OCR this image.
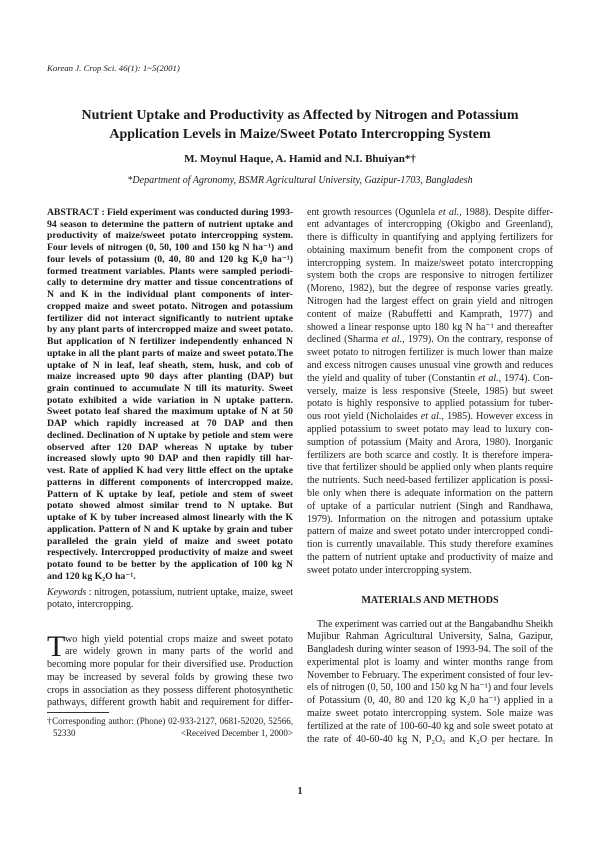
Korean J. Crop Sci. 46(1): 1~5(2001)
Nutrient Uptake and Productivity as Affected by Nitrogen and Potassium
Application Levels in Maize/Sweet Potato Intercropping System
M. Moynul Haque, A. Hamid and N.I. Bhuiyan*†
*Department of Agronomy, BSMR Agricultural University, Gazipur-1703, Bangladesh
ABSTRACT : Field experiment was conducted during 1993-
94 season to determine the pattern of nutrient uptake and
productivity of maize/sweet potato intercropping system.
Four levels of nitrogen (0, 50, 100 and 150 kg N ha⁻¹) and
four levels of potassium (0, 40, 80 and 120 kg K₂0 ha⁻¹)
formed treatment variables. Plants were sampled periodi-
cally to determine dry matter and tissue concentrations of
N and K in the individual plant components of inter-
cropped maize and sweet potato. Nitrogen and potassium
fertilizer did not interact significantly to nutrient uptake
by any plant parts of intercropped maize and sweet potato.
But application of N fertilizer independently enhanced N
uptake in all the plant parts of maize and sweet potato.The
uptake of N in leaf, leaf sheath, stem, husk, and cob of
maize increased upto 90 days after planting (DAP) but
grain continued to accumulate N till its maturity. Sweet
potato exhibited a wide variation in N uptake pattern.
Sweet potato leaf shared the maximum uptake of N at 50
DAP which rapidly increased at 70 DAP and then
declined. Declination of N uptake by petiole and stem were
observed after 120 DAP whereas N uptake by tuber
increased slowly upto 90 DAP and then rapidly till har-
vest. Rate of applied K had very little effect on the uptake
patterns in different components of intercropped maize.
Pattern of K uptake by leaf, petiole and stem of sweet
potato showed almost similar trend to N uptake. But
uptake of K by tuber increased almost linearly with the K
application. Pattern of N and K uptake by grain and tuber
paralleled the grain yield of maize and sweet potato
respectively. Intercropped productivity of maize and sweet
potato found to be better by the application of 100 kg N
and 120 kg K₂O ha⁻¹.
Keywords : nitrogen, potassium, nutrient uptake, maize, sweet
potato, intercropping.
T wo high yield potential crops maize and sweet potato
are widely grown in many parts of the world and
becoming more popular for their diversified use. Production
may be increased by several folds by growing these two
crops in association as they possess different photosynthetic
pathways, different growth habit and requirement for differ-
†Corresponding author: (Phone) 02-933-2127, 0681-52020, 52566,
52330	<Received December 1, 2000>
ent growth resources (Ogunlela et al., 1988). Despite differ-
ent advantages of intercropping (Okigbo and Greenland),
there is difficulty in quantifying and applying fertilizers for
obtaining maximum benefit from the component crops of
intercropping system. In maize/sweet potato intercropping
system both the crops are responsive to nitrogen fertilizer
(Moreno, 1982), but the degree of response varies greatly.
Nitrogen had the largest effect on grain yield and nitrogen
content of maize (Rabuffetti and Kamprath, 1977) and
showed a linear response upto 180 kg N ha⁻¹ and thereafter
declined (Sharma et al., 1979). On the contrary, response of
sweet potato to nitrogen fertilizer is much lower than maize
and excess nitrogen causes unusual vine growth and reduces
the yield and quality of tuber (Constantin et al., 1974). Con-
versely, maize is less responsive (Steele, 1985) but sweet
potato is highly responsive to applied potassium for tuber-
ous root yield (Nicholaides et al., 1985). However excess in
applied potassium to sweet potato may lead to luxury con-
sumption of potassium (Maity and Arora, 1980). Inorganic
fertilizers are both scarce and costly. It is therefore impera-
tive that fertilizer should be applied only when plants require
the nutrients. Such need-based fertilizer application is possi-
ble only when there is adequate information on the pattern
of uptake of a particular nutrient (Singh and Randhawa,
1979). Information on the nitrogen and potassium uptake
pattern of maize and sweet potato under intercropped condi-
tion is currently unavailable. This study therefore examines
the pattern of nutrient uptake and productivity of maize and
sweet potato under intercropping system.
MATERIALS AND METHODS
The experiment was carried out at the Bangabandhu Sheikh
Mujibur Rahman Agricultural University, Salna, Gazipur,
Bangladesh during winter season of 1993-94. The soil of the
experimental plot is loamy and winter months range from
November to February. The experiment consisted of four lev-
els of nitrogen (0, 50, 100 and 150 kg N ha⁻¹) and four levels
of Potassium (0, 40, 80 and 120 kg K₂0 ha⁻¹) applied in a
maize sweet potato intercropping system. Sole maize was
fertilized at the rate of 100-60-40 kg and sole sweet potato at
the rate of 40-60-40 kg N, P₂O₅ and K₂O per hectare. In
1
